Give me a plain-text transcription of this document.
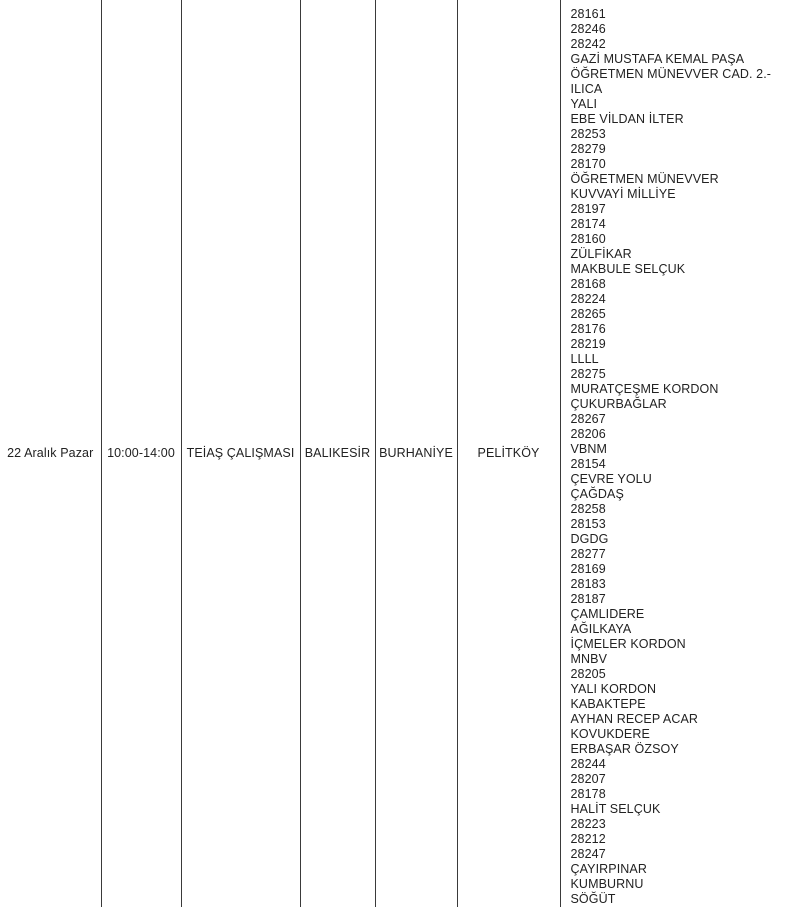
22 Aralık Pazar	10:00-14:00	TEİAŞ ÇALIŞMASI	BALIKESİR	BURHANİYE	PELİTKÖY	
28161
28246
28242
GAZİ MUSTAFA KEMAL PAŞA
ÖĞRETMEN MÜNEVVER CAD. 2.-
ILICA
YALI
EBE VİLDAN İLTER
28253
28279
28170
ÖĞRETMEN MÜNEVVER
KUVVAYİ MİLLİYE
28197
28174
28160
ZÜLFİKAR
MAKBULE SELÇUK
28168
28224
28265
28176
28219
LLLL
28275
MURATÇEŞME KORDON
ÇUKURBAĞLAR
28267
28206
VBNM
28154
ÇEVRE YOLU
ÇAĞDAŞ
28258
28153
DGDG
28277
28169
28183
28187
ÇAMLIDERE
AĞILKAYA
İÇMELER KORDON
MNBV
28205
YALI KORDON
KABAKTEPE
AYHAN RECEP ACAR
KOVUKDERE
ERBAŞAR ÖZSOY
28244
28207
28178
HALİT SELÇUK
28223
28212
28247
ÇAYIRPINAR
KUMBURNU
SÖĞÜT
